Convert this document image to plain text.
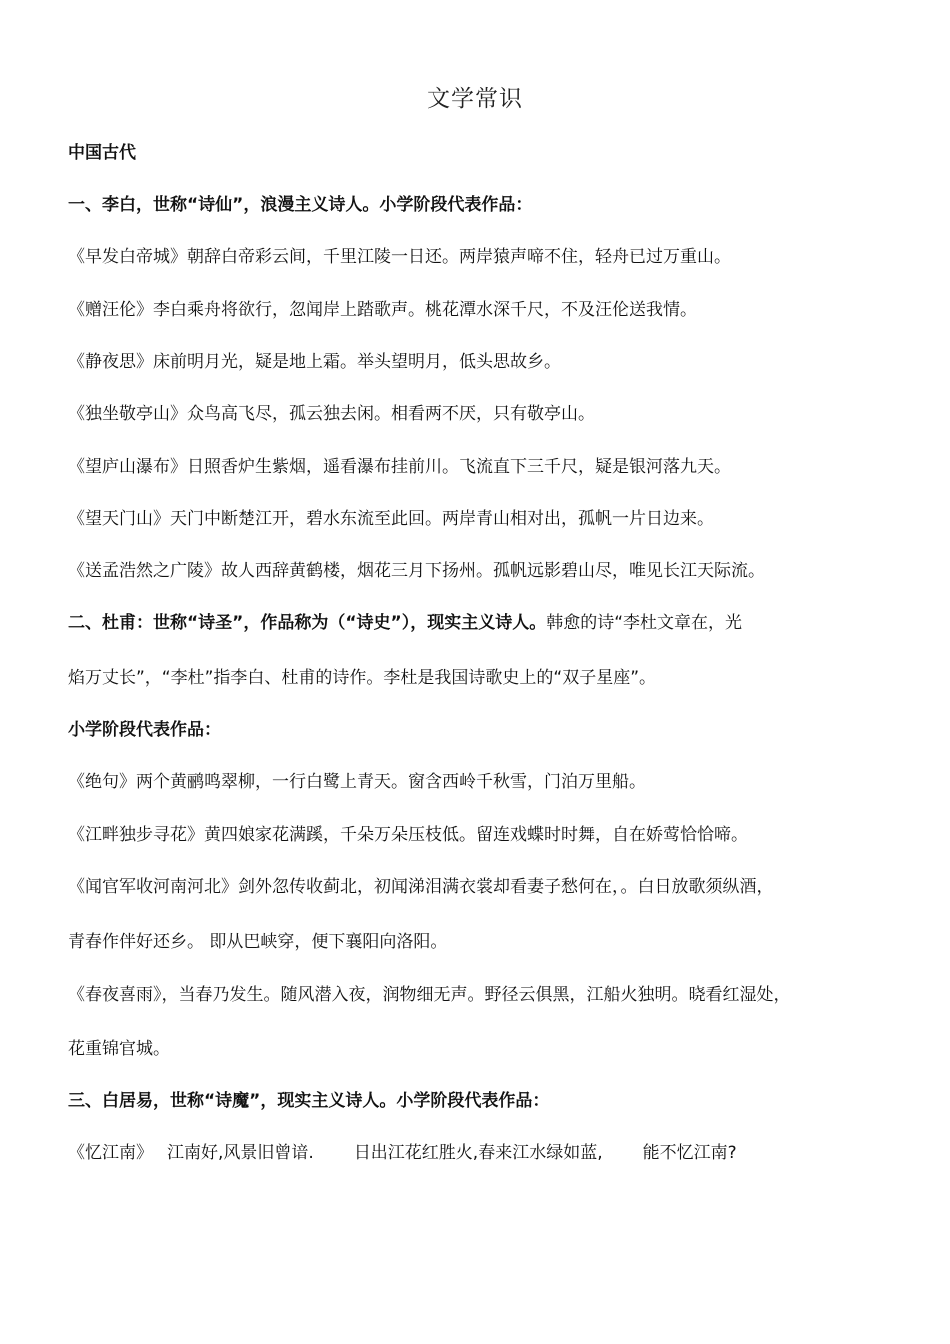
文学常识
中国古代
一、李白，世称“诗仙”，浪漫主义诗人。小学阶段代表作品：
《早发白帝城》朝辞白帝彩云间，千里江陵一日还。两岸猿声啼不住，轻舟已过万重山。
《赠汪伦》李白乘舟将欲行，忽闻岸上踏歌声。桃花潭水深千尺，不及汪伦送我情。
《静夜思》床前明月光，疑是地上霜。举头望明月，低头思故乡。
《独坐敬亭山》众鸟高飞尽，孤云独去闲。相看两不厌，只有敬亭山。
《望庐山瀑布》日照香炉生紫烟，遥看瀑布挂前川。飞流直下三千尺，疑是银河落九天。
《望天门山》天门中断楚江开，碧水东流至此回。两岸青山相对出，孤帆一片日边来。
《送孟浩然之广陵》故人西辞黄鹤楼，烟花三月下扬州。孤帆远影碧山尽，唯见长江天际流。
二、杜甫：世称“诗圣”，作品称为（“诗史”），现实主义诗人。韩愈的诗“李杜文章在，光
焰万丈长”，“李杜”指李白、杜甫的诗作。李杜是我国诗歌史上的“双子星座”。
小学阶段代表作品：
《绝句》两个黄鹂鸣翠柳，一行白鹭上青天。窗含西岭千秋雪，门泊万里船。
《江畔独步寻花》黄四娘家花满蹊，千朵万朵压枝低。留连戏蝶时时舞，自在娇莺恰恰啼。
《闻官军收河南河北》剑外忽传收蓟北，初闻涕泪满衣裳却看妻子愁何在，。白日放歌须纵酒，
青春作伴好还乡。 即从巴峡穿，便下襄阳向洛阳。
《春夜喜雨》，当春乃发生。随风潜入夜，润物细无声。野径云俱黑，江船火独明。晓看红湿处，
花重锦官城。
三、白居易，世称“诗魔”，现实主义诗人。小学阶段代表作品：
《忆江南》 江南好,风景旧曾谙. 日出江花红胜火,春来江水绿如蓝, 能不忆江南?
